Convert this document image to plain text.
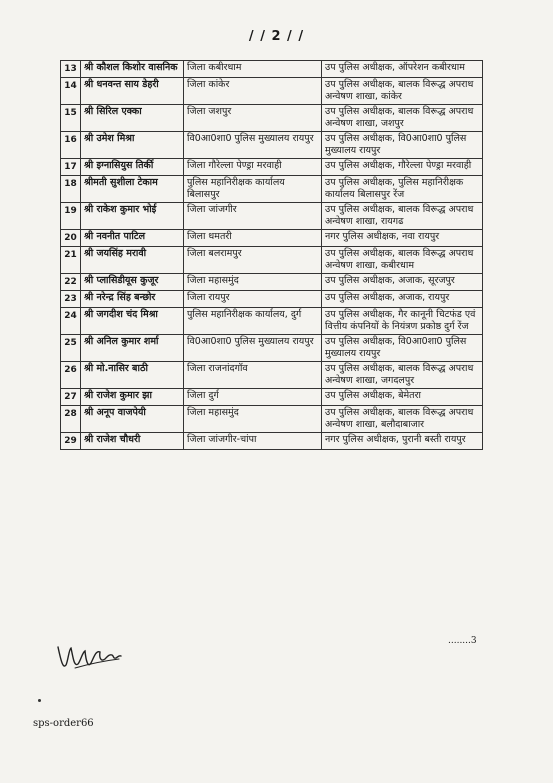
/ / 2 / /
13	श्री कौशल किशोर वासनिक	जिला कबीरधाम	उप पुलिस अधीक्षक, ऑपरेशन कबीरधाम
14	श्री धनवन्त साय डेहरी	जिला कांकेर	उप पुलिस अधीक्षक, बालक विरूद्ध अपराध अन्वेषण शाखा, कांकेर
15	श्री सिरिल एक्का	जिला जशपुर	उप पुलिस अधीक्षक, बालक विरूद्ध अपराध अन्वेषण शाखा, जशपुर
16	श्री उमेश मिश्रा	वि0आ0शा0 पुलिस मुख्यालय रायपुर	उप पुलिस अधीक्षक, वि0आ0शा0 पुलिस मुख्यालय रायपुर
17	श्री इग्नासियुस तिर्की	जिला गौरेल्ला पेण्ड्रा मरवाही	उप पुलिस अधीक्षक, गौरेल्ला पेण्ड्रा मरवाही
18	श्रीमती सुशीला टेकाम	पुलिस महानिरीक्षक कार्यालय बिलासपुर	उप पुलिस अधीक्षक, पुलिस महानिरीक्षक कार्यालय बिलासपुर रेंज
19	श्री राकेश कुमार भोई	जिला जांजगीर	उप पुलिस अधीक्षक, बालक विरूद्ध अपराध अन्वेषण शाखा, रायगढ
20	श्री नवनीत पाटिल	जिला धमतरी	नगर पुलिस अधीक्षक, नवा रायपुर
21	श्री जयसिंह मरावी	जिला बलरामपुर	उप पुलिस अधीक्षक, बालक विरूद्ध अपराध अन्वेषण शाखा, कबीरधाम
22	श्री प्लासिडीयूस कुजूर	जिला महासमुंद	उप पुलिस अधीक्षक, अजाक, सूरजपुर
23	श्री नरेन्द्र सिंह बन्छोर	जिला रायपुर	उप पुलिस अधीक्षक, अजाक, रायपुर
24	श्री जगदीश चंद मिश्रा	पुलिस महानिरीक्षक कार्यालय, दुर्ग	उप पुलिस अधीक्षक, गैर कानूनी चिटफंड एवं वित्तीय कंपनियों के नियंत्रण प्रकोष्ठ दुर्ग रेंज
25	श्री अनिल कुमार शर्मा	वि0आ0शा0 पुलिस मुख्यालय रायपुर	उप पुलिस अधीक्षक, वि0आ0शा0 पुलिस मुख्यालय रायपुर
26	श्री मो.नासिर बाठी	जिला राजनांदगॉव	उप पुलिस अधीक्षक, बालक विरूद्ध अपराध अन्वेषण शाखा, जगदलपुर
27	श्री राजेश कुमार झा	जिला दुर्ग	उप पुलिस अधीक्षक, बेमेतरा
28	श्री अनूप वाजपेयी	जिला महासमुंद	उप पुलिस अधीक्षक, बालक विरूद्ध अपराध अन्वेषण शाखा, बलौदाबाजार
29	श्री राजेश चौधरी	जिला जांजगीर-चांपा	नगर पुलिस अधीक्षक, पुरानी बस्ती रायपुर
........3
sps-order66
